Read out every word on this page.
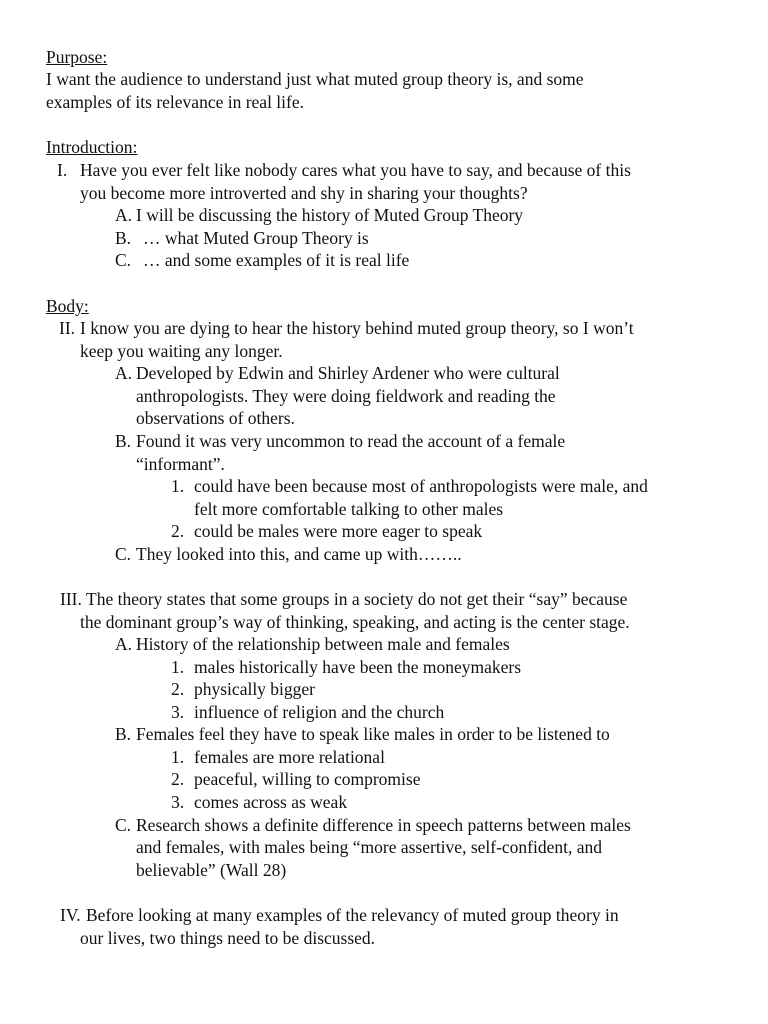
Purpose:
I want the audience to understand just what muted group theory is, and some
examples of its relevance in real life.
Introduction:
I. Have you ever felt like nobody cares what you have to say, and because of this
you become more introverted and shy in sharing your thoughts?
A. I will be discussing the history of Muted Group Theory
B. … what Muted Group Theory is
C. … and some examples of it is real life
Body:
II. I know you are dying to hear the history behind muted group theory, so I won’t
keep you waiting any longer.
A. Developed by Edwin and Shirley Ardener who were cultural
anthropologists. They were doing fieldwork and reading the
observations of others.
B. Found it was very uncommon to read the account of a female
“informant”.
1. could have been because most of anthropologists were male, and
felt more comfortable talking to other males
2. could be males were more eager to speak
C. They looked into this, and came up with……..
III. The theory states that some groups in a society do not get their “say” because
the dominant group’s way of thinking, speaking, and acting is the center stage.
A. History of the relationship between male and females
1. males historically have been the moneymakers
2. physically bigger
3. influence of religion and the church
B. Females feel they have to speak like males in order to be listened to
1. females are more relational
2. peaceful, willing to compromise
3. comes across as weak
C. Research shows a definite difference in speech patterns between males
and females, with males being “more assertive, self-confident, and
believable” (Wall 28)
IV. Before looking at many examples of the relevancy of muted group theory in
our lives, two things need to be discussed.
